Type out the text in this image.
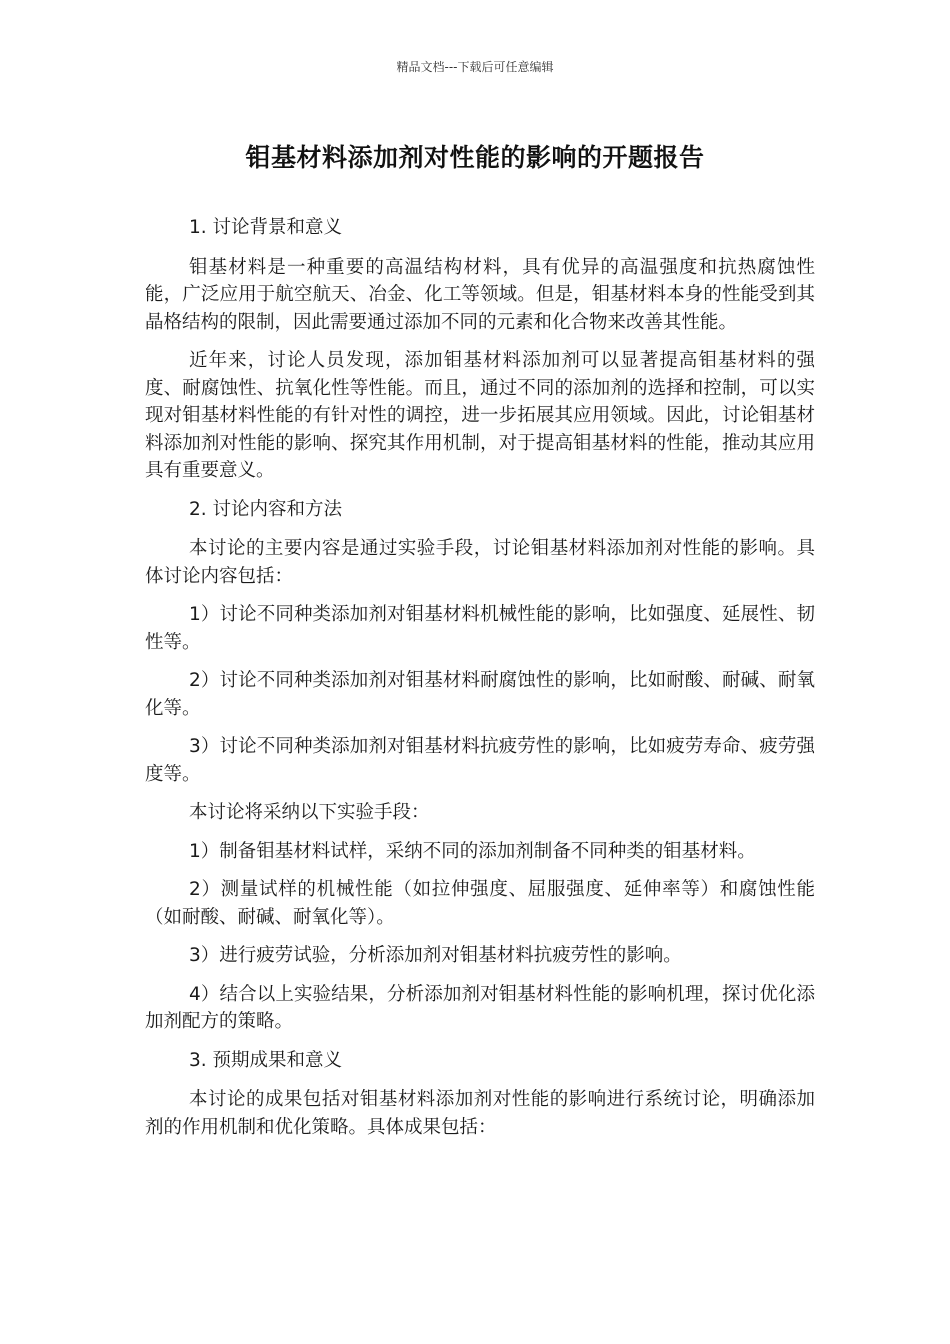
精品文档---下载后可任意编辑
钼基材料添加剂对性能的影响的开题报告

1. 讨论背景和意义

钼基材料是一种重要的高温结构材料，具有优异的高温强度和抗热腐蚀性能，广泛应用于航空航天、冶金、化工等领域。但是，钼基材料本身的性能受到其晶格结构的限制，因此需要通过添加不同的元素和化合物来改善其性能。

近年来，讨论人员发现，添加钼基材料添加剂可以显著提高钼基材料的强度、耐腐蚀性、抗氧化性等性能。而且，通过不同的添加剂的选择和控制，可以实现对钼基材料性能的有针对性的调控，进一步拓展其应用领域。因此，讨论钼基材料添加剂对性能的影响、探究其作用机制，对于提高钼基材料的性能，推动其应用具有重要意义。

2. 讨论内容和方法

本讨论的主要内容是通过实验手段，讨论钼基材料添加剂对性能的影响。具体讨论内容包括：

1）讨论不同种类添加剂对钼基材料机械性能的影响，比如强度、延展性、韧性等。

2）讨论不同种类添加剂对钼基材料耐腐蚀性的影响，比如耐酸、耐碱、耐氧化等。

3）讨论不同种类添加剂对钼基材料抗疲劳性的影响，比如疲劳寿命、疲劳强度等。

本讨论将采纳以下实验手段：

1）制备钼基材料试样，采纳不同的添加剂制备不同种类的钼基材料。

2）测量试样的机械性能（如拉伸强度、屈服强度、延伸率等）和腐蚀性能（如耐酸、耐碱、耐氧化等）。

3）进行疲劳试验，分析添加剂对钼基材料抗疲劳性的影响。

4）结合以上实验结果，分析添加剂对钼基材料性能的影响机理，探讨优化添加剂配方的策略。

3. 预期成果和意义

本讨论的成果包括对钼基材料添加剂对性能的影响进行系统讨论，明确添加剂的作用机制和优化策略。具体成果包括：
